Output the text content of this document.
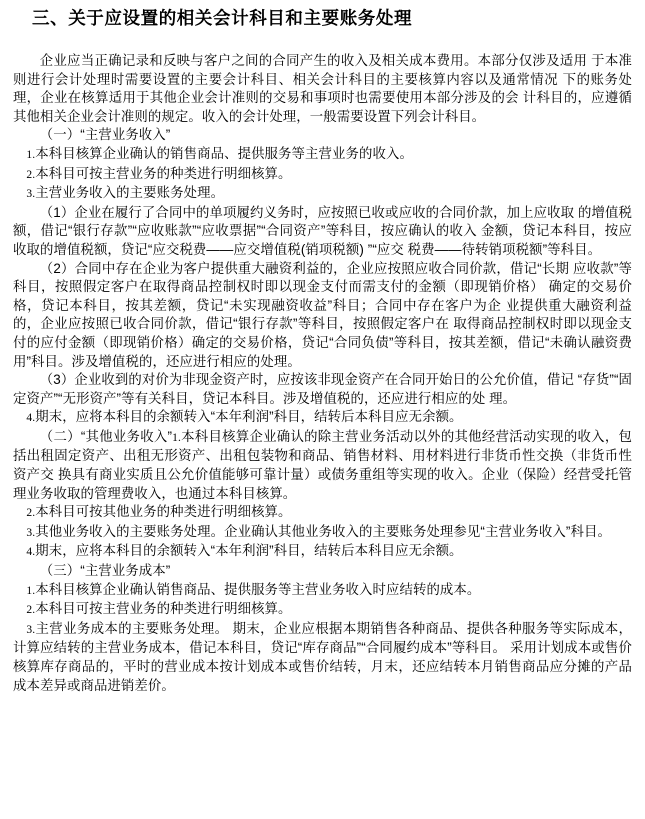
三、关于应设置的相关会计科目和主要账务处理

企业应当正确记录和反映与客户之间的合同产生的收入及相关成本费用。本部分仅涉及适用 于本准则进行会计处理时需要设置的主要会计科目、相关会计科目的主要核算内容以及通常情况 下的账务处理，企业在核算适用于其他企业会计准则的交易和事项时也需要使用本部分涉及的会 计科目的，应遵循其他相关企业会计准则的规定。收入的会计处理，一般需要设置下列会计科目。

（一）“主营业务收入”

1.本科目核算企业确认的销售商品、提供服务等主营业务的收入。

2.本科目可按主营业务的种类进行明细核算。

3.主营业务收入的主要账务处理。

（1）企业在履行了合同中的单项履约义务时，应按照已收或应收的合同价款，加上应收取 的增值税额，借记“银行存款”“应收账款”“应收票据”“合同资产”等科目，按应确认的收入 金额，贷记本科目，按应收取的增值税额，贷记“应交税费——应交增值税(销项税额) ”“应交 税费——待转销项税额”等科目。

（2）合同中存在企业为客户提供重大融资利益的，企业应按照应收合同价款，借记“长期 应收款”等科目，按照假定客户在取得商品控制权时即以现金支付而需支付的金额（即现销价格） 确定的交易价格，贷记本科目，按其差额，贷记“未实现融资收益”科目；合同中存在客户为企 业提供重大融资利益的，企业应按照已收合同价款，借记“银行存款”等科目，按照假定客户在 取得商品控制权时即以现金支付的应付金额（即现销价格）确定的交易价格，贷记“合同负债”等科目，按其差额，借记“未确认融资费用”科目。涉及增值税的，还应进行相应的处理。

（3）企业收到的对价为非现金资产时，应按该非现金资产在合同开始日的公允价值，借记 “存货”“固定资产”“无形资产”等有关科目，贷记本科目。涉及增值税的，还应进行相应的处 理。

4.期末，应将本科目的余额转入“本年利润”科目，结转后本科目应无余额。

（二）“其他业务收入”1.本科目核算企业确认的除主营业务活动以外的其他经营活动实现的收入，包括出租固定资产、出租无形资产、出租包装物和商品、销售材料、用材料进行非货币性交换（非货币性资产交 换具有商业实质且公允价值能够可靠计量）或债务重组等实现的收入。企业（保险）经营受托管 理业务收取的管理费收入，也通过本科目核算。

2.本科目可按其他业务的种类进行明细核算。

3.其他业务收入的主要账务处理。企业确认其他业务收入的主要账务处理参见“主营业务收入”科目。

4.期末，应将本科目的余额转入“本年利润”科目，结转后本科目应无余额。

（三）“主营业务成本”

1.本科目核算企业确认销售商品、提供服务等主营业务收入时应结转的成本。

2.本科目可按主营业务的种类进行明细核算。

3.主营业务成本的主要账务处理。 期末，企业应根据本期销售各种商品、提供各种服务等实际成本，计算应结转的主营业务成本，借记本科目，贷记“库存商品”“合同履约成本”等科目。 采用计划成本或售价核算库存商品的，平时的营业成本按计划成本或售价结转，月末，还应结转本月销售商品应分摊的产品成本差异或商品进销差价。
